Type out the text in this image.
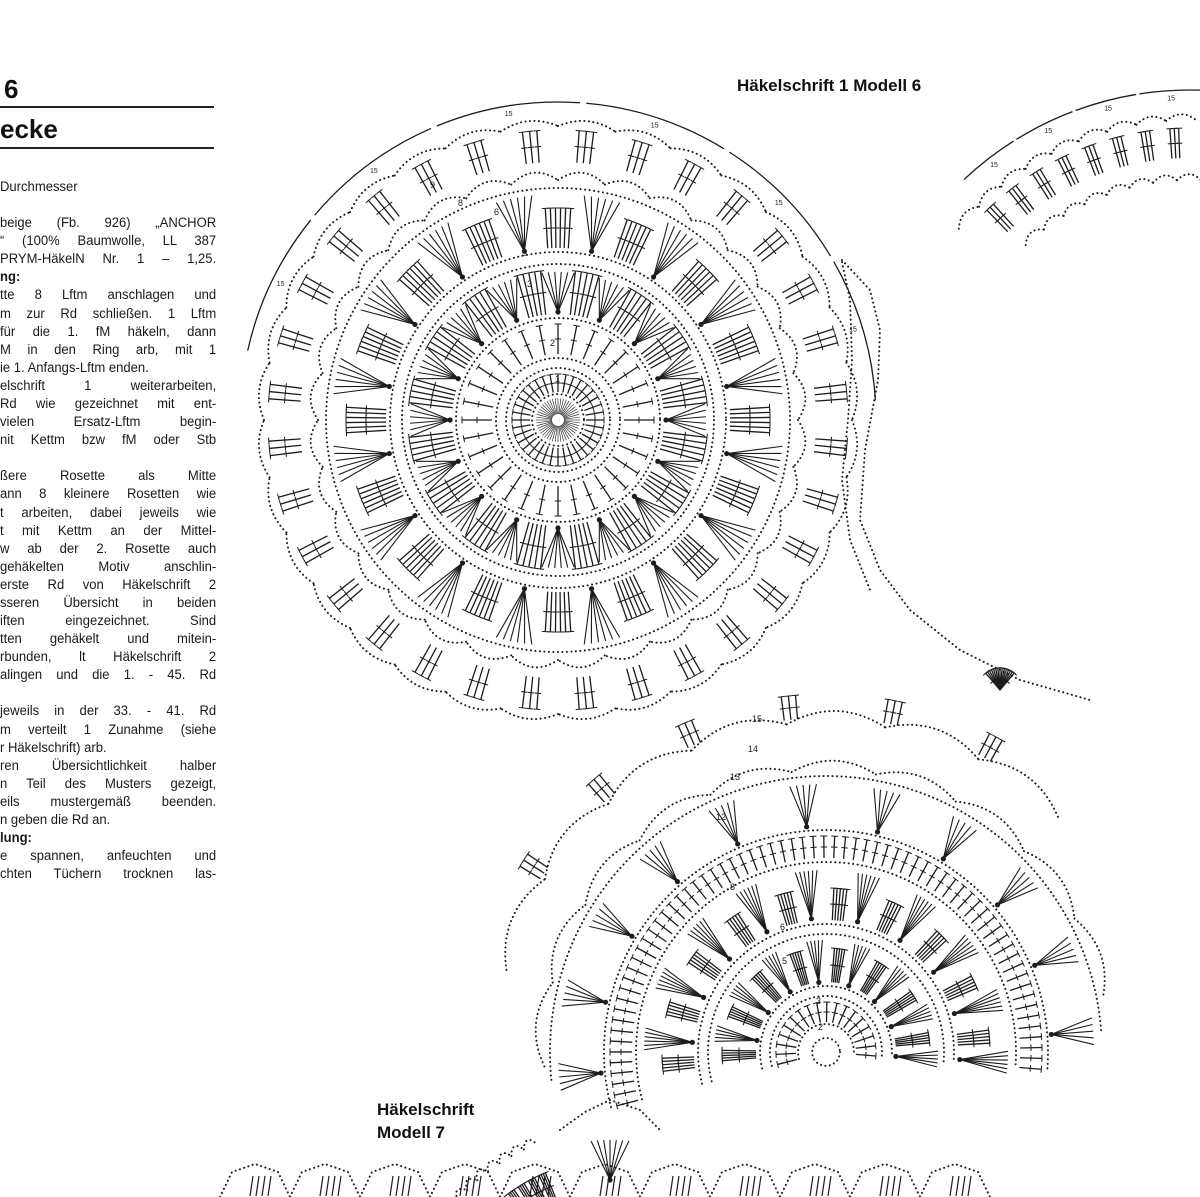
6
ecke

Durchmesser

beige (Fb. 926) „ANCHOR

“ (100% Baumwolle, LL 387

PRYM-HäkelN Nr. 1 – 1,25.

ng:

tte 8 Lftm anschlagen und

m zur Rd schließen. 1 Lftm

für die 1. fM häkeln, dann

M in den Ring arb, mit 1

ie 1. Anfangs-Lftm enden.

elschrift 1 weiterarbeiten,

Rd wie gezeichnet mit ent-

vielen Ersatz-Lftm begin-

nit Kettm bzw fM oder Stb

ßere Rosette als Mitte

ann 8 kleinere Rosetten wie

t arbeiten, dabei jeweils wie

t mit Kettm an der Mittel-

w ab der 2. Rosette auch

gehäkelten Motiv anschlin-

erste Rd von Häkelschrift 2

sseren Übersicht in beiden

iften eingezeichnet. Sind

tten gehäkelt und mitein-

rbunden, lt Häkelschrift 2

alingen und die 1. - 45. Rd

jeweils in der 33. - 41. Rd

m verteilt 1 Zunahme (siehe

r Häkelschrift) arb.

ren Übersichtlichkeit halber

n Teil des Musters gezeigt,

eils mustergemäß beenden.

n geben die Rd an.

lung:

e spannen, anfeuchten und

chten Tüchern trocknen las-

Häkelschrift 1 Modell 6
Häkelschrift
Modell 7
15
15
15
15
15
15
15
15
15
15
1
2
3
5
6
8
9
2
3
5
6
8
12
13
14
15
